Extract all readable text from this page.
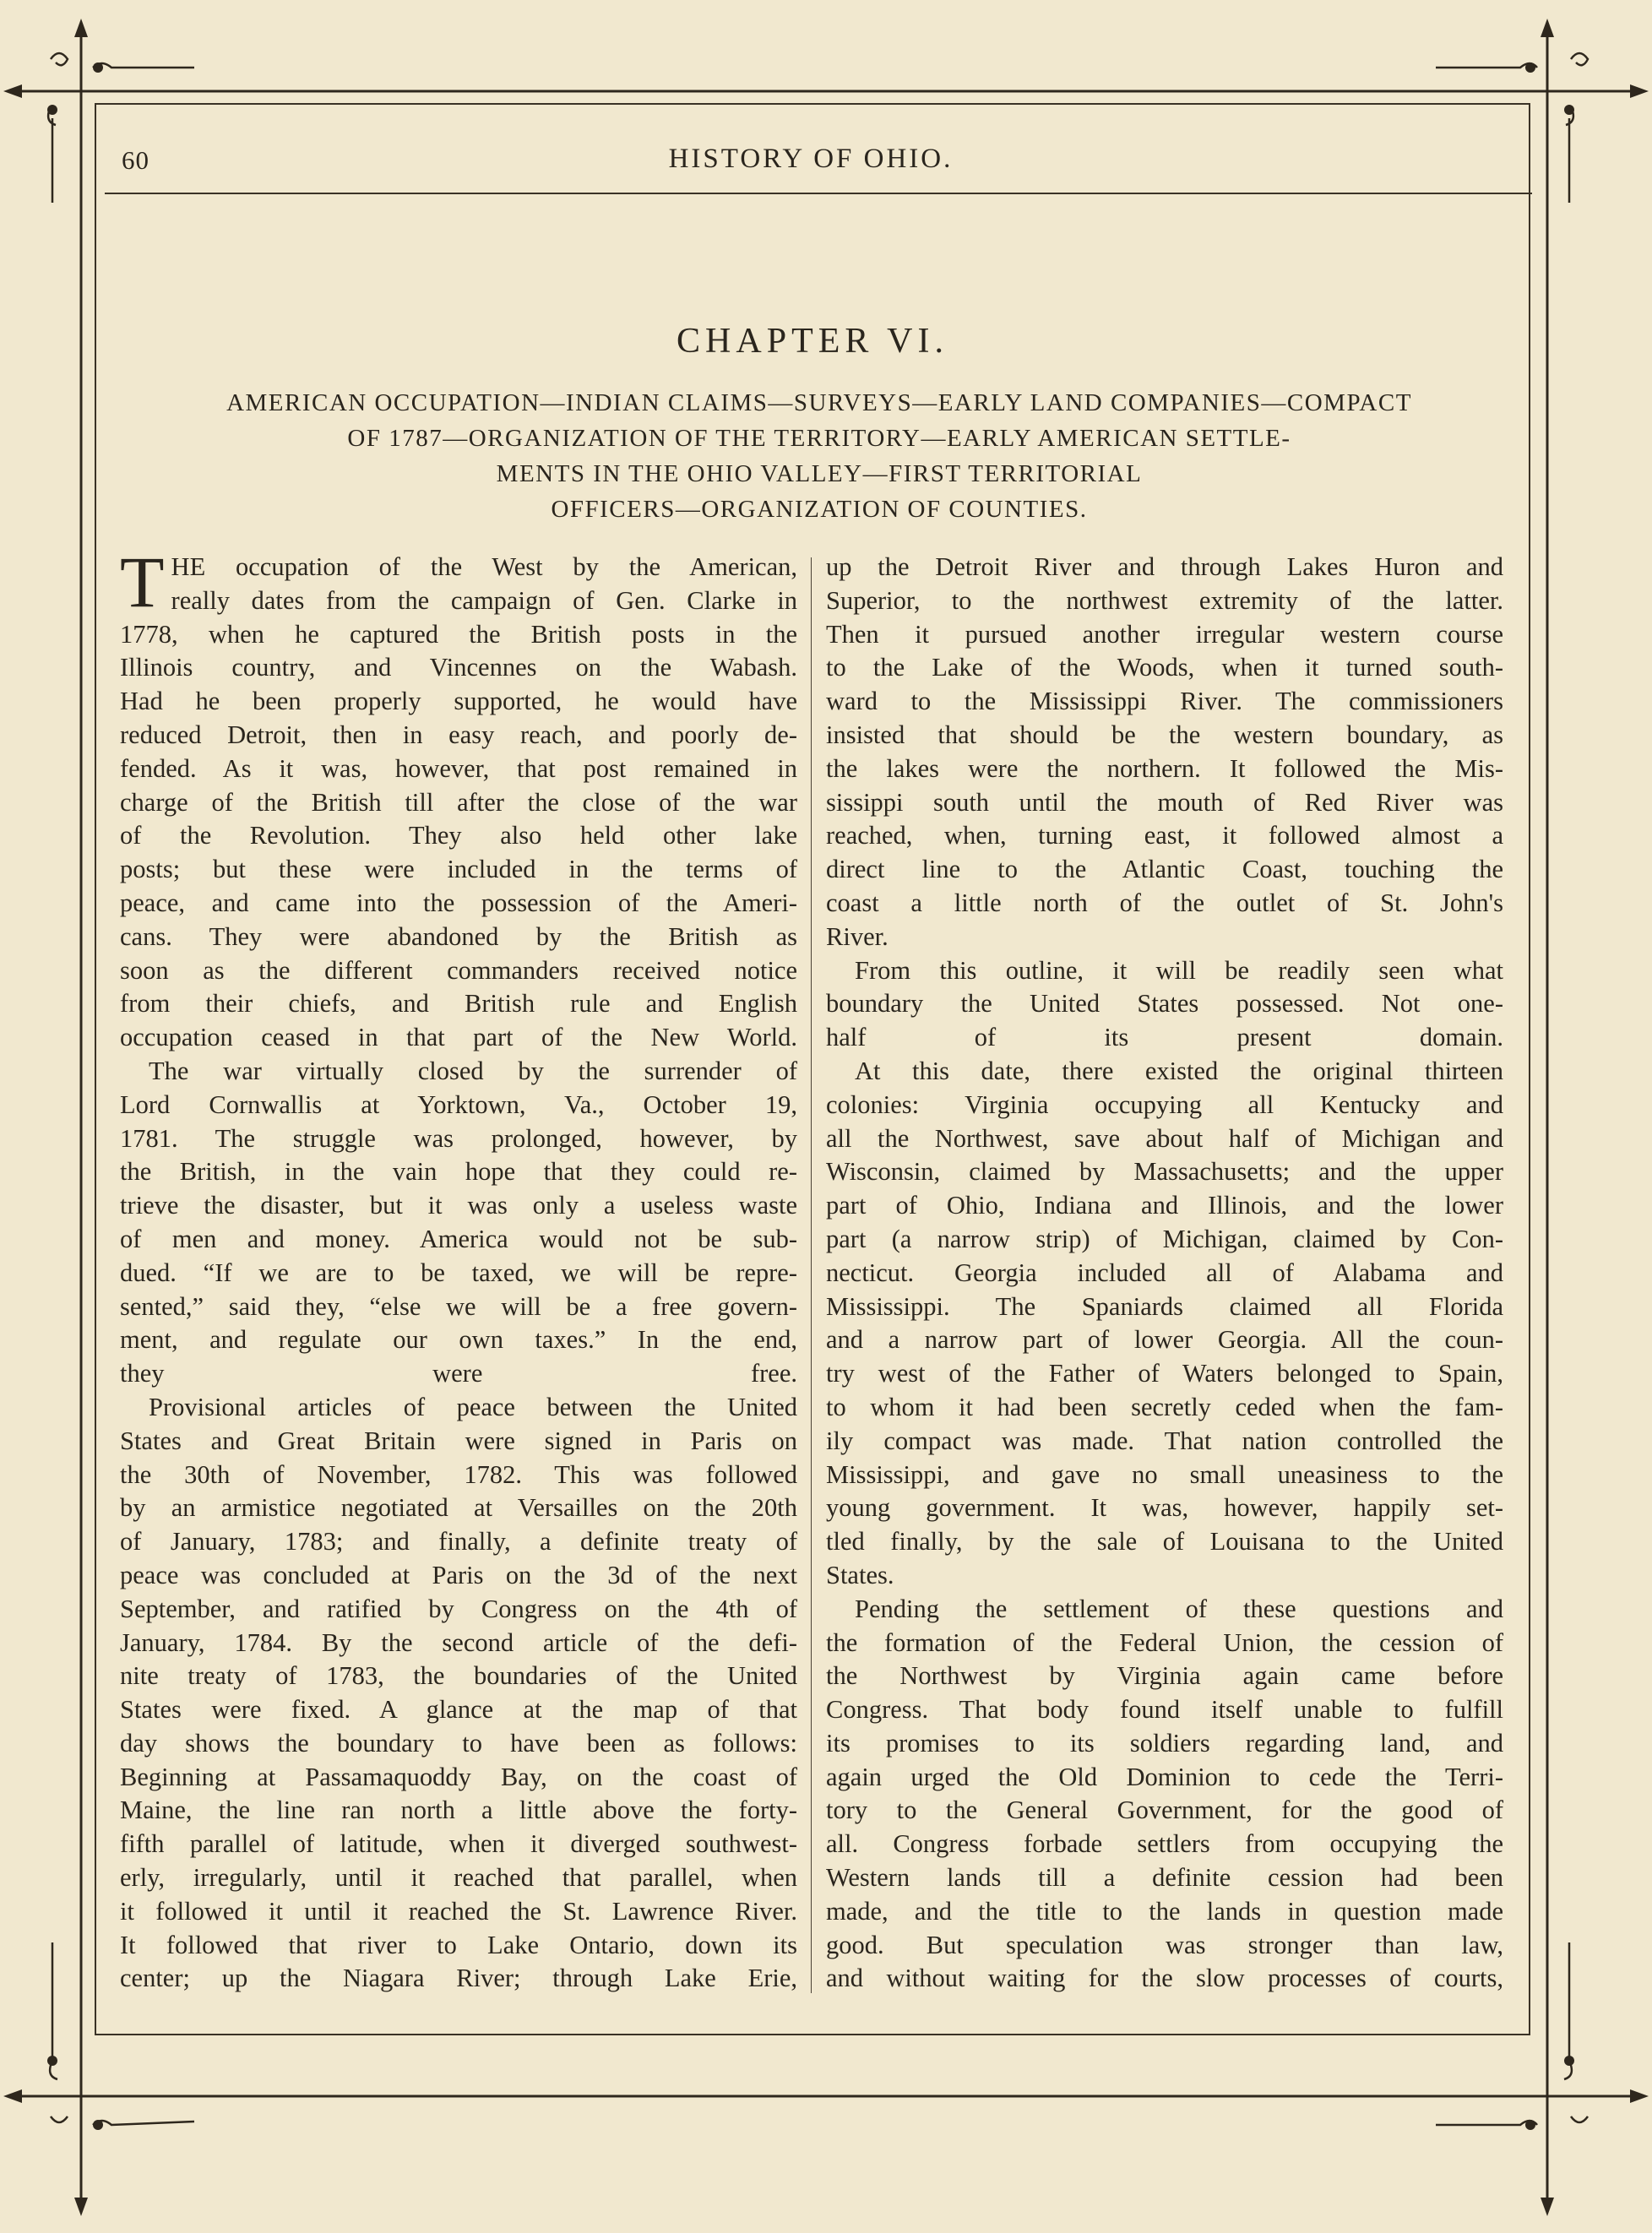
60	HISTORY OF OHIO.
CHAPTER VI.
AMERICAN OCCUPATION—INDIAN CLAIMS—SURVEYS—EARLY LAND COMPANIES—COMPACT
OF 1787—ORGANIZATION OF THE TERRITORY—EARLY AMERICAN SETTLE-
MENTS IN THE OHIO VALLEY—FIRST TERRITORIAL
OFFICERS—ORGANIZATION OF COUNTIES.
T HE occupation of the West by the American,
really dates from the campaign of Gen. Clarke in
1778, when he captured the British posts in the
Illinois country, and Vincennes on the Wabash.
Had he been properly supported, he would have
reduced Detroit, then in easy reach, and poorly de-
fended. As it was, however, that post remained in
charge of the British till after the close of the war
of the Revolution. They also held other lake
posts; but these were included in the terms of
peace, and came into the possession of the Ameri-
cans. They were abandoned by the British as
soon as the different commanders received notice
from their chiefs, and British rule and English
occupation ceased in that part of the New World.
The war virtually closed by the surrender of
Lord Cornwallis at Yorktown, Va., October 19,
1781. The struggle was prolonged, however, by
the British, in the vain hope that they could re-
trieve the disaster, but it was only a useless waste
of men and money. America would not be sub-
dued. “If we are to be taxed, we will be repre-
sented,” said they, “else we will be a free govern-
ment, and regulate our own taxes.” In the end,
they were free.
Provisional articles of peace between the United
States and Great Britain were signed in Paris on
the 30th of November, 1782. This was followed
by an armistice negotiated at Versailles on the 20th
of January, 1783; and finally, a definite treaty of
peace was concluded at Paris on the 3d of the next
September, and ratified by Congress on the 4th of
January, 1784. By the second article of the defi-
nite treaty of 1783, the boundaries of the United
States were fixed. A glance at the map of that
day shows the boundary to have been as follows:
Beginning at Passamaquoddy Bay, on the coast of
Maine, the line ran north a little above the forty-
fifth parallel of latitude, when it diverged southwest-
erly, irregularly, until it reached that parallel, when
it followed it until it reached the St. Lawrence River.
It followed that river to Lake Ontario, down its
center; up the Niagara River; through Lake Erie,
up the Detroit River and through Lakes Huron and
Superior, to the northwest extremity of the latter.
Then it pursued another irregular western course
to the Lake of the Woods, when it turned south-
ward to the Mississippi River. The commissioners
insisted that should be the western boundary, as
the lakes were the northern. It followed the Mis-
sissippi south until the mouth of Red River was
reached, when, turning east, it followed almost a
direct line to the Atlantic Coast, touching the
coast a little north of the outlet of St. John's
River.
From this outline, it will be readily seen what
boundary the United States possessed. Not one-
half of its present domain.
At this date, there existed the original thirteen
colonies: Virginia occupying all Kentucky and
all the Northwest, save about half of Michigan and
Wisconsin, claimed by Massachusetts; and the upper
part of Ohio, Indiana and Illinois, and the lower
part (a narrow strip) of Michigan, claimed by Con-
necticut. Georgia included all of Alabama and
Mississippi. The Spaniards claimed all Florida
and a narrow part of lower Georgia. All the coun-
try west of the Father of Waters belonged to Spain,
to whom it had been secretly ceded when the fam-
ily compact was made. That nation controlled the
Mississippi, and gave no small uneasiness to the
young government. It was, however, happily set-
tled finally, by the sale of Louisana to the United
States.
Pending the settlement of these questions and
the formation of the Federal Union, the cession of
the Northwest by Virginia again came before
Congress. That body found itself unable to fulfill
its promises to its soldiers regarding land, and
again urged the Old Dominion to cede the Terri-
tory to the General Government, for the good of
all. Congress forbade settlers from occupying the
Western lands till a definite cession had been
made, and the title to the lands in question made
good. But speculation was stronger than law,
and without waiting for the slow processes of courts,
